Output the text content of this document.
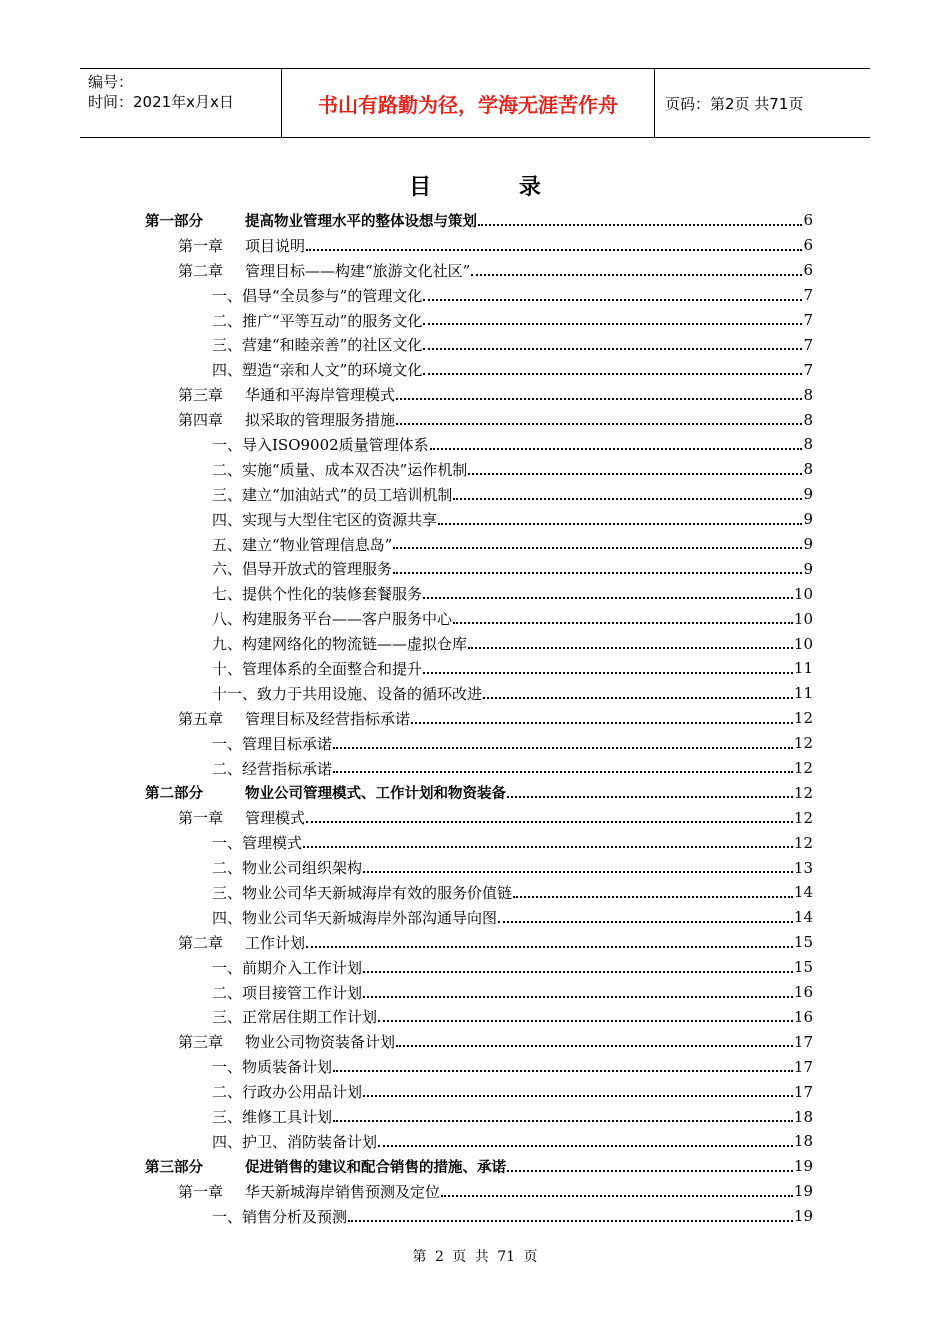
编号：
时间：2021年x月x日	书山有路勤为径，学海无涯苦作舟	页码：第2页 共71页
目 录
第一部分	提高物业管理水平的整体设想与策划	6
第一章 项目说明	6
第二章 管理目标——构建“旅游文化社区”	6
一、倡导“全员参与”的管理文化	7
二、推广“平等互动”的服务文化	7
三、营建“和睦亲善”的社区文化	7
四、塑造“亲和人文”的环境文化	7
第三章 华通和平海岸管理模式	8
第四章 拟采取的管理服务措施	8
一、导入ISO9002质量管理体系	8
二、实施“质量、成本双否决”运作机制	8
三、建立“加油站式”的员工培训机制	9
四、实现与大型住宅区的资源共享	9
五、建立“物业管理信息岛”	9
六、倡导开放式的管理服务	9
七、提供个性化的装修套餐服务	10
八、构建服务平台——客户服务中心	10
九、构建网络化的物流链——虚拟仓库	10
十、管理体系的全面整合和提升	11
十一、致力于共用设施、设备的循环改进	11
第五章 管理目标及经营指标承诺	12
一、管理目标承诺	12
二、经营指标承诺	12
第二部分	物业公司管理模式、工作计划和物资装备	12
第一章 管理模式	12
一、管理模式	12
二、物业公司组织架构	13
三、物业公司华天新城海岸有效的服务价值链	14
四、物业公司华天新城海岸外部沟通导向图	14
第二章 工作计划	15
一、前期介入工作计划	15
二、项目接管工作计划	16
三、正常居住期工作计划	16
第三章 物业公司物资装备计划	17
一、物质装备计划	17
二、行政办公用品计划	17
三、维修工具计划	18
四、护卫、消防装备计划	18
第三部分	促进销售的建议和配合销售的措施、承诺	19
第一章 华天新城海岸销售预测及定位	19
一、销售分析及预测	19
第 2 页 共 71 页
